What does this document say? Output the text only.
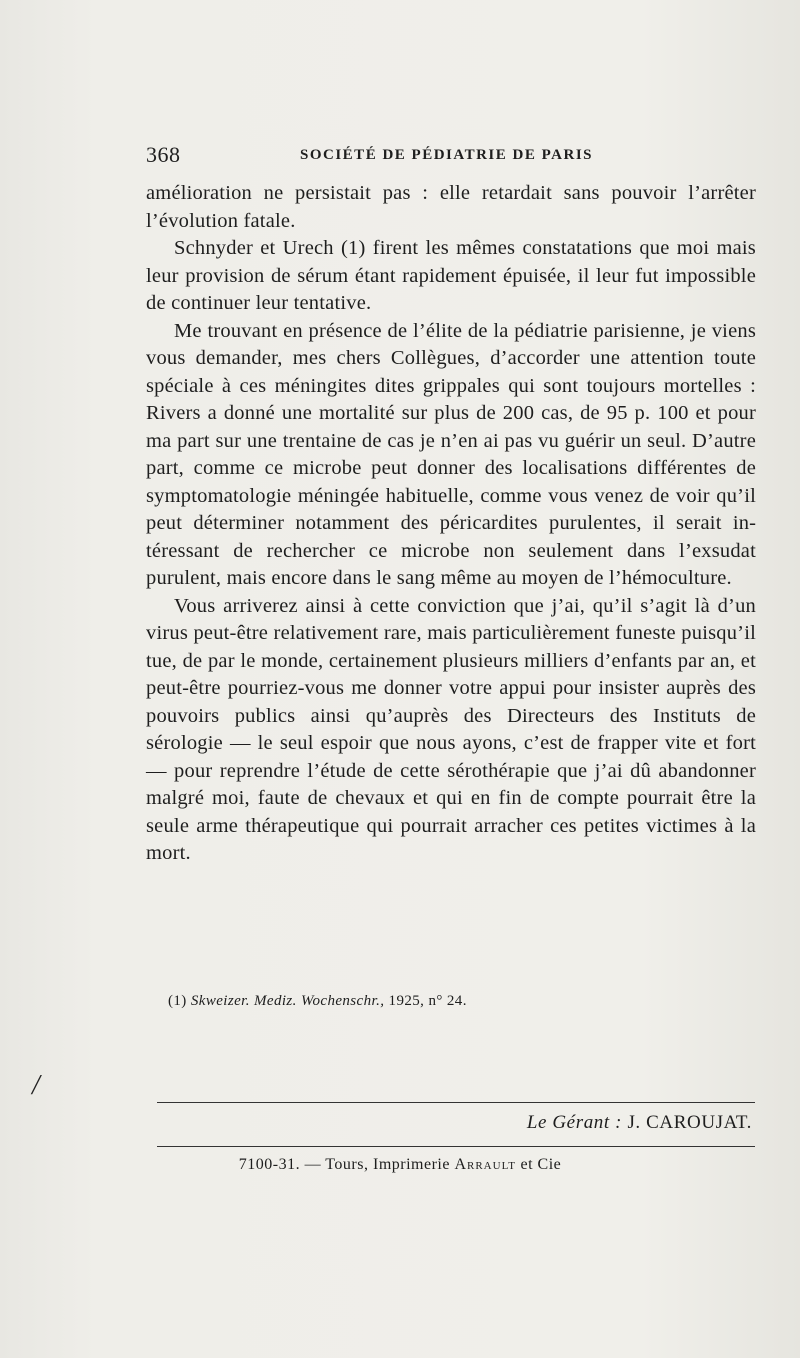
368	SOCIÉTÉ DE PÉDIATRIE DE PARIS

amélioration ne persistait pas : elle retardait sans pouvoir l’arrêter l’évolution fatale.

Schnyder et Urech (1) firent les mêmes constatations que moi mais leur provision de sérum étant rapidement épuisée, il leur fut impossible de continuer leur tentative.

Me trouvant en présence de l’élite de la pédiatrie parisienne, je viens vous demander, mes chers Collègues, d’accorder une attention toute spéciale à ces méningites dites grippales qui sont toujours mortelles : Rivers a donné une mortalité sur plus de 200 cas, de 95 p. 100 et pour ma part sur une trentaine de cas je n’en ai pas vu guérir un seul. D’autre part, comme ce microbe peut donner des localisations différentes de symptomatologie méningée habituelle, comme vous venez de voir qu’il peut déterminer notamment des péricardites purulentes, il serait intéressant de rechercher ce microbe non seulement dans l’exsudat purulent, mais encore dans le sang même au moyen de l’hémoculture.

Vous arriverez ainsi à cette conviction que j’ai, qu’il s’agit là d’un virus peut-être relativement rare, mais particulièrement funeste puisqu’il tue, de par le monde, certainement plusieurs milliers d’enfants par an, et peut-être pourriez-vous me donner votre appui pour insister auprès des pouvoirs publics ainsi qu’auprès des Directeurs des Instituts de sérologie — le seul espoir que nous ayons, c’est de frapper vite et fort — pour reprendre l’étude de cette sérothérapie que j’ai dû abandonner malgré moi, faute de chevaux et qui en fin de compte pourrait être la seule arme thérapeutique qui pourrait arracher ces petites victimes à la mort.

(1) Skweizer. Mediz. Wochenschr., 1925, n° 24.
/
Le Gérant : J. CAROUJAT.
7100-31. — Tours, Imprimerie Arrault et Cie
